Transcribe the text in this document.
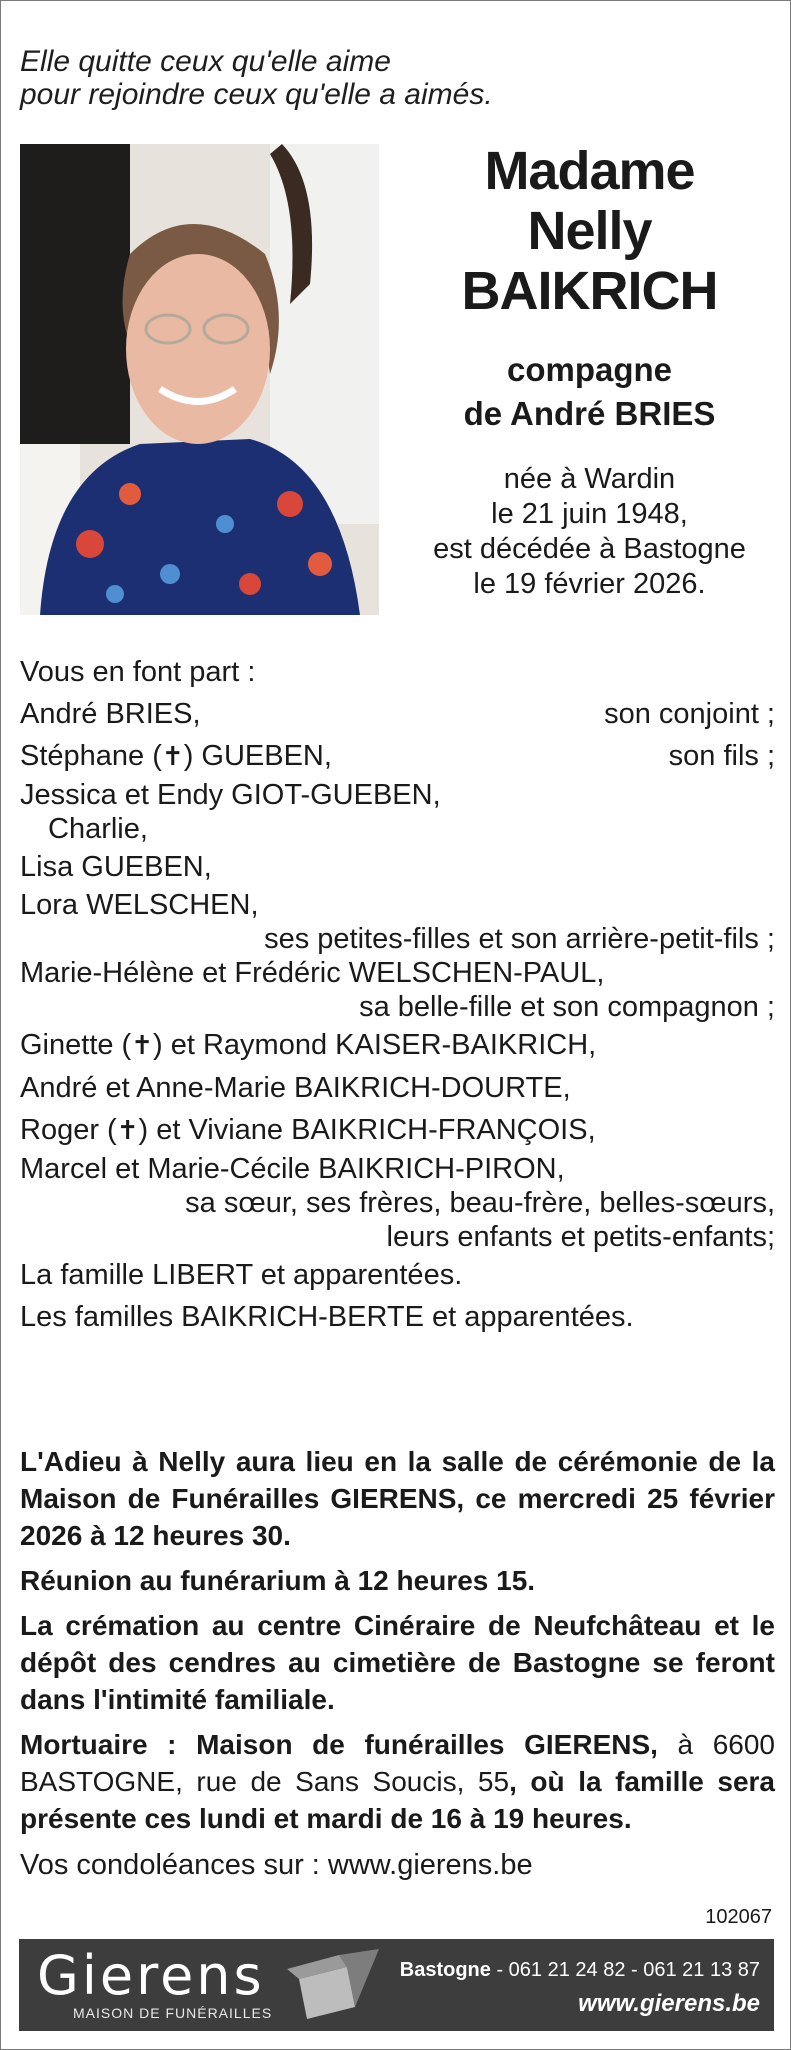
Elle quitte ceux qu'elle aime
pour rejoindre ceux qu'elle a aimés.
Madame
Nelly
BAIKRICH
compagne
de André BRIES
née à Wardin
le 21 juin 1948,
est décédée à Bastogne
le 19 février 2026.
Vous en font part :
André BRIES,	son conjoint ;
Stéphane (✝) GUEBEN,	son fils ;
Jessica et Endy GIOT-GUEBEN,
Charlie,
Lisa GUEBEN,
Lora WELSCHEN,
ses petites-filles et son arrière-petit-fils ;
Marie-Hélène et Frédéric WELSCHEN-PAUL,
sa belle-fille et son compagnon ;
Ginette (✝) et Raymond KAISER-BAIKRICH,
André et Anne-Marie BAIKRICH-DOURTE,
Roger (✝) et Viviane BAIKRICH-FRANÇOIS,
Marcel et Marie-Cécile BAIKRICH-PIRON,
sa sœur, ses frères, beau-frère, belles-sœurs,
leurs enfants et petits-enfants;
La famille LIBERT et apparentées.
Les familles BAIKRICH-BERTE et apparentées.

L'Adieu à Nelly aura lieu en la salle de cérémonie de la Maison de Funérailles GIERENS, ce mercredi 25 février 2026 à 12 heures 30.

Réunion au funérarium à 12 heures 15.

La crémation au centre Cinéraire de Neufchâteau et le dépôt des cendres au cimetière de Bastogne se feront dans l'intimité familiale.

Mortuaire : Maison de funérailles GIERENS, à 6600 BASTOGNE, rue de Sans Soucis, 55, où la famille sera présente ces lundi et mardi de 16 à 19 heures.

Vos condoléances sur : www.gierens.be

102067
Gierens
MAISON DE FUNÉRAILLES
Bastogne - 061 21 24 82 - 061 21 13 87
www.gierens.be
